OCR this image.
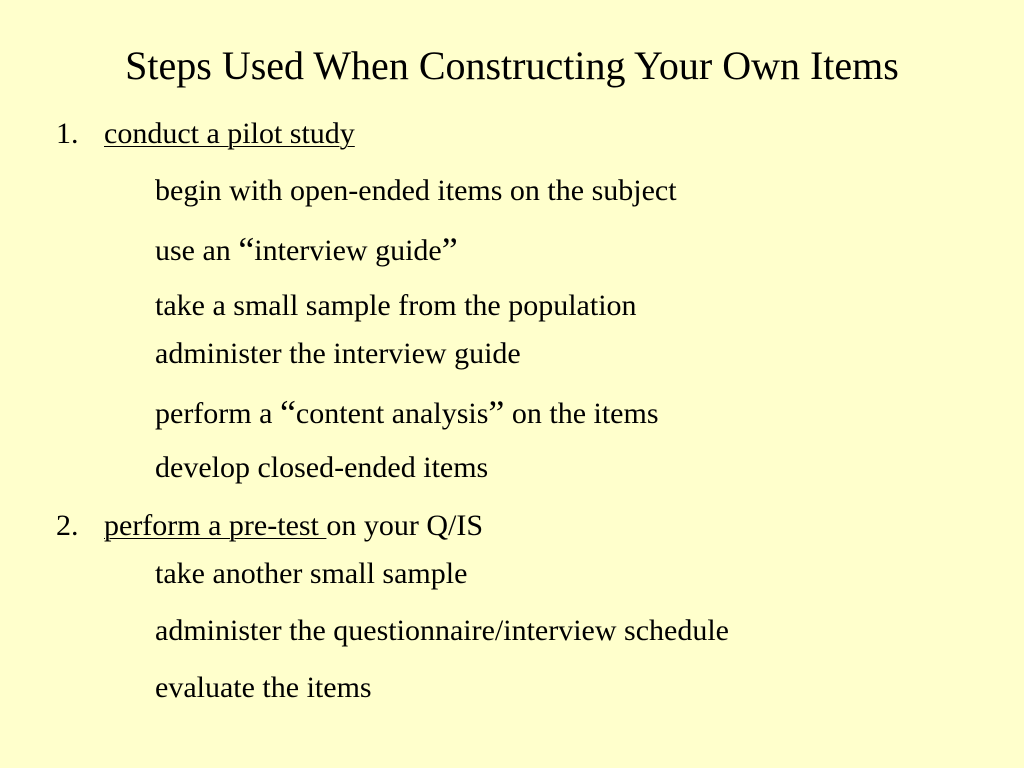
Steps Used When Constructing Your Own Items
1. conduct a pilot study
begin with open-ended items on the subject
use an “interview guide”
take a small sample from the population
administer the interview guide
perform a “content analysis” on the items
develop closed-ended items
2. perform a pre-test on your Q/IS
take another small sample
administer the questionnaire/interview schedule
evaluate the items
